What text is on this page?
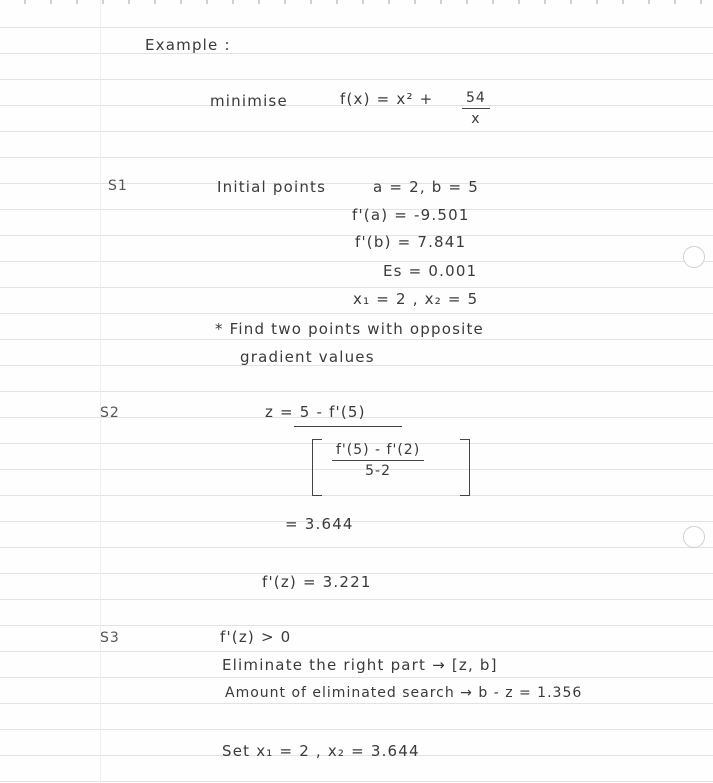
Example :
minimise	$f(x) = x^2 + \frac{54}{x}$
S1	Initial points	a = 2, b = 5
f'(a) = -9.501
f'(b) = 7.841
Es = 0.001
x₁ = 2 , x₂ = 5
* Find two points with opposite
gradient values
S2	z = 5 - f'(5)
$\frac{f'(5) - f'(2)}{5-2}$
= 3.644
f'(z) = 3.221
S3	f'(z) > 0
Eliminate the right part → [z, b]
Amount of eliminated search → b - z = 1.356
Set x₁ = 2 , x₂ = 3.644
